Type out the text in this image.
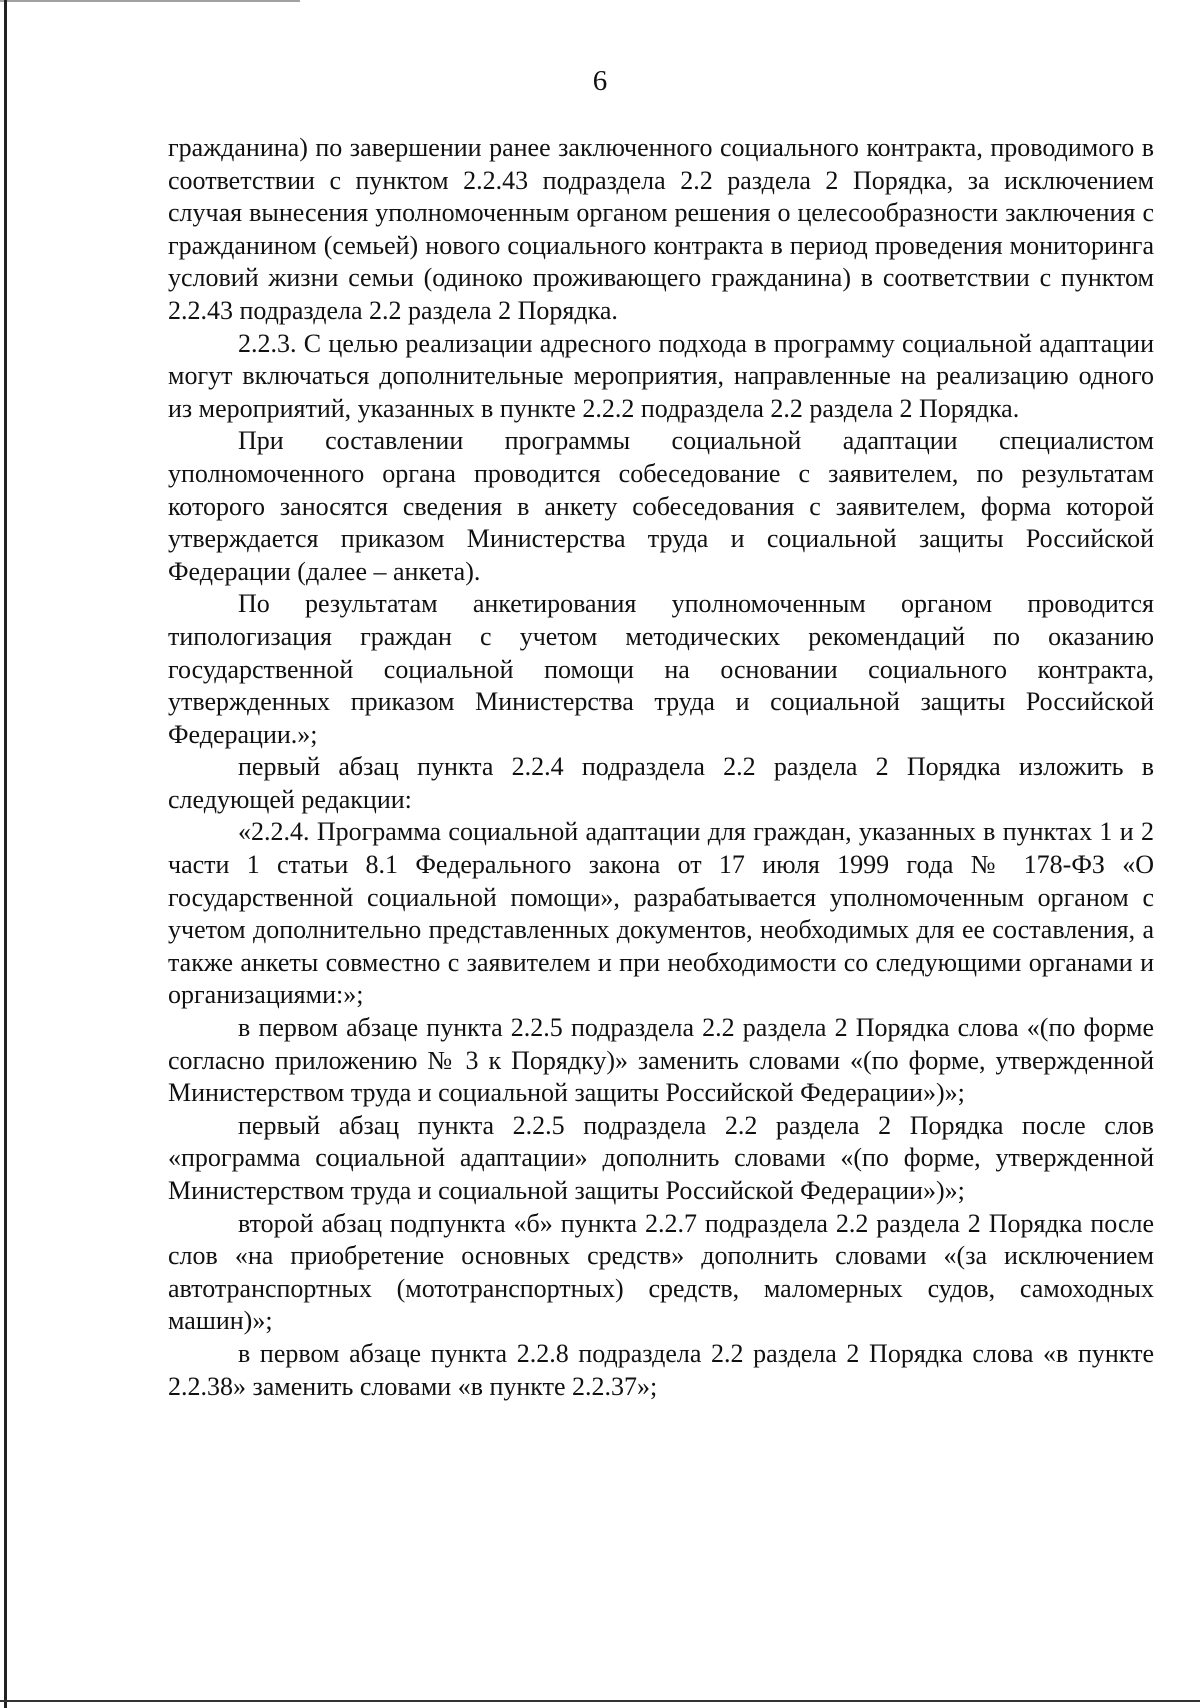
6

гражданина) по завершении ранее заключенного социального контракта, проводимого в соответствии с пунктом 2.2.43 подраздела 2.2 раздела 2 Порядка, за исключением случая вынесения уполномоченным органом решения о целесообразности заключения с гражданином (семьей) нового социального контракта в период проведения мониторинга условий жизни семьи (одиноко проживающего гражданина) в соответствии с пунктом 2.2.43 подраздела 2.2 раздела 2 Порядка.

2.2.3. С целью реализации адресного подхода в программу социальной адаптации могут включаться дополнительные мероприятия, направленные на реализацию одного из мероприятий, указанных в пункте 2.2.2 подраздела 2.2 раздела 2 Порядка.

При составлении программы социальной адаптации специалистом уполномоченного органа проводится собеседование с заявителем, по результатам которого заносятся сведения в анкету собеседования с заявителем, форма которой утверждается приказом Министерства труда и социальной защиты Российской Федерации (далее – анкета).

По результатам анкетирования уполномоченным органом проводится типологизация граждан с учетом методических рекомендаций по оказанию государственной социальной помощи на основании социального контракта, утвержденных приказом Министерства труда и социальной защиты Российской Федерации.»;

первый абзац пункта 2.2.4 подраздела 2.2 раздела 2 Порядка изложить в следующей редакции:

«2.2.4. Программа социальной адаптации для граждан, указанных в пунктах 1 и 2 части 1 статьи 8.1 Федерального закона от 17 июля 1999 года № 178-ФЗ «О государственной социальной помощи», разрабатывается уполномоченным органом с учетом дополнительно представленных документов, необходимых для ее составления, а также анкеты совместно с заявителем и при необходимости со следующими органами и организациями:»;

в первом абзаце пункта 2.2.5 подраздела 2.2 раздела 2 Порядка слова «(по форме согласно приложению № 3 к Порядку)» заменить словами «(по форме, утвержденной Министерством труда и социальной защиты Российской Федерации»)»;

первый абзац пункта 2.2.5 подраздела 2.2 раздела 2 Порядка после слов «программа социальной адаптации» дополнить словами «(по форме, утвержденной Министерством труда и социальной защиты Российской Федерации»)»;

второй абзац подпункта «б» пункта 2.2.7 подраздела 2.2 раздела 2 Порядка после слов «на приобретение основных средств» дополнить словами «(за исключением автотранспортных (мототранспортных) средств, маломерных судов, самоходных машин)»;

в первом абзаце пункта 2.2.8 подраздела 2.2 раздела 2 Порядка слова «в пункте 2.2.38» заменить словами «в пункте 2.2.37»;
